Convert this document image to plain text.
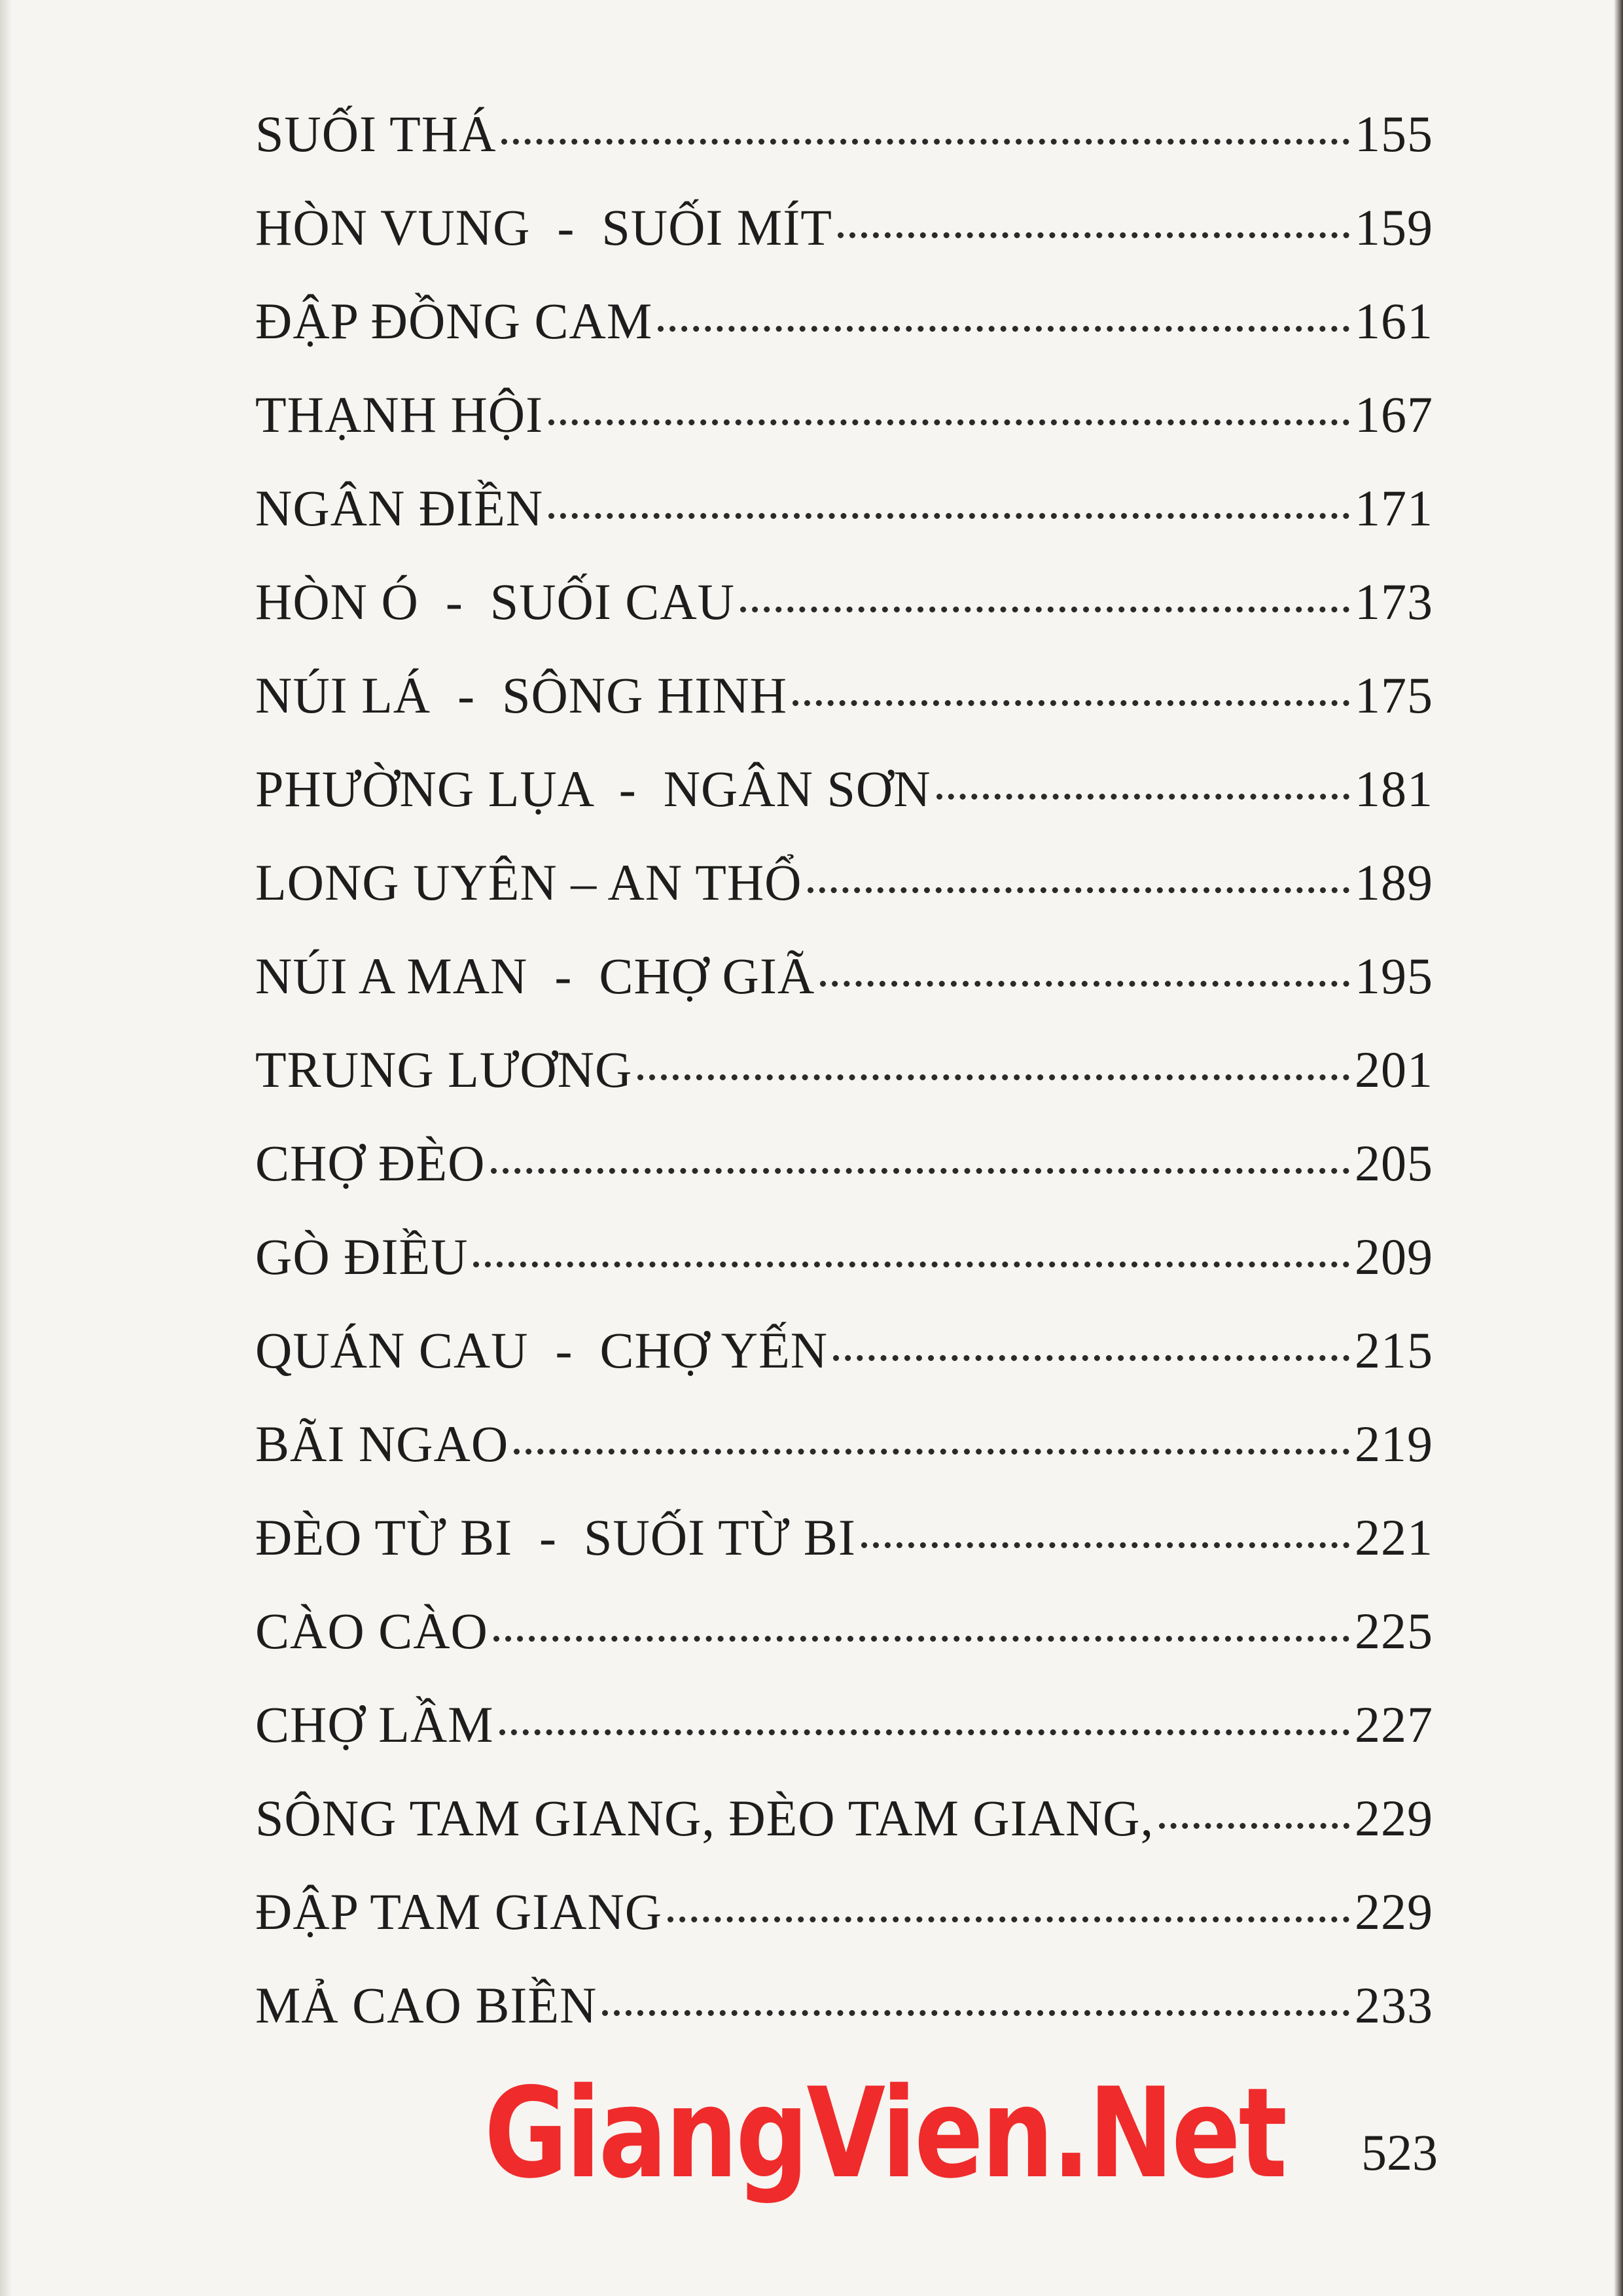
SUỐI THÁ	155
HÒN VUNG  -  SUỐI MÍT	159
ĐẬP ĐỒNG CAM	161
THẠNH HỘI	167
NGÂN ĐIỀN	171
HÒN Ó  -  SUỐI CAU	173
NÚI LÁ  -  SÔNG HINH	175
PHƯỜNG LỤA  -  NGÂN SƠN	181
LONG UYÊN – AN THỔ	189
NÚI A MAN  -  CHỢ GIÃ	195
TRUNG LƯƠNG	201
CHỢ ĐÈO	205
GÒ ĐIỀU	209
QUÁN CAU  -  CHỢ YẾN	215
BÃI NGAO	219
ĐÈO TỪ BI  -  SUỐI TỪ BI	221
CÀO CÀO	225
CHỢ LẦM	227
SÔNG TAM GIANG, ĐÈO TAM GIANG,	229
ĐẬP TAM GIANG	229
MẢ CAO BIỀN	233
GiangVien.Net 523
